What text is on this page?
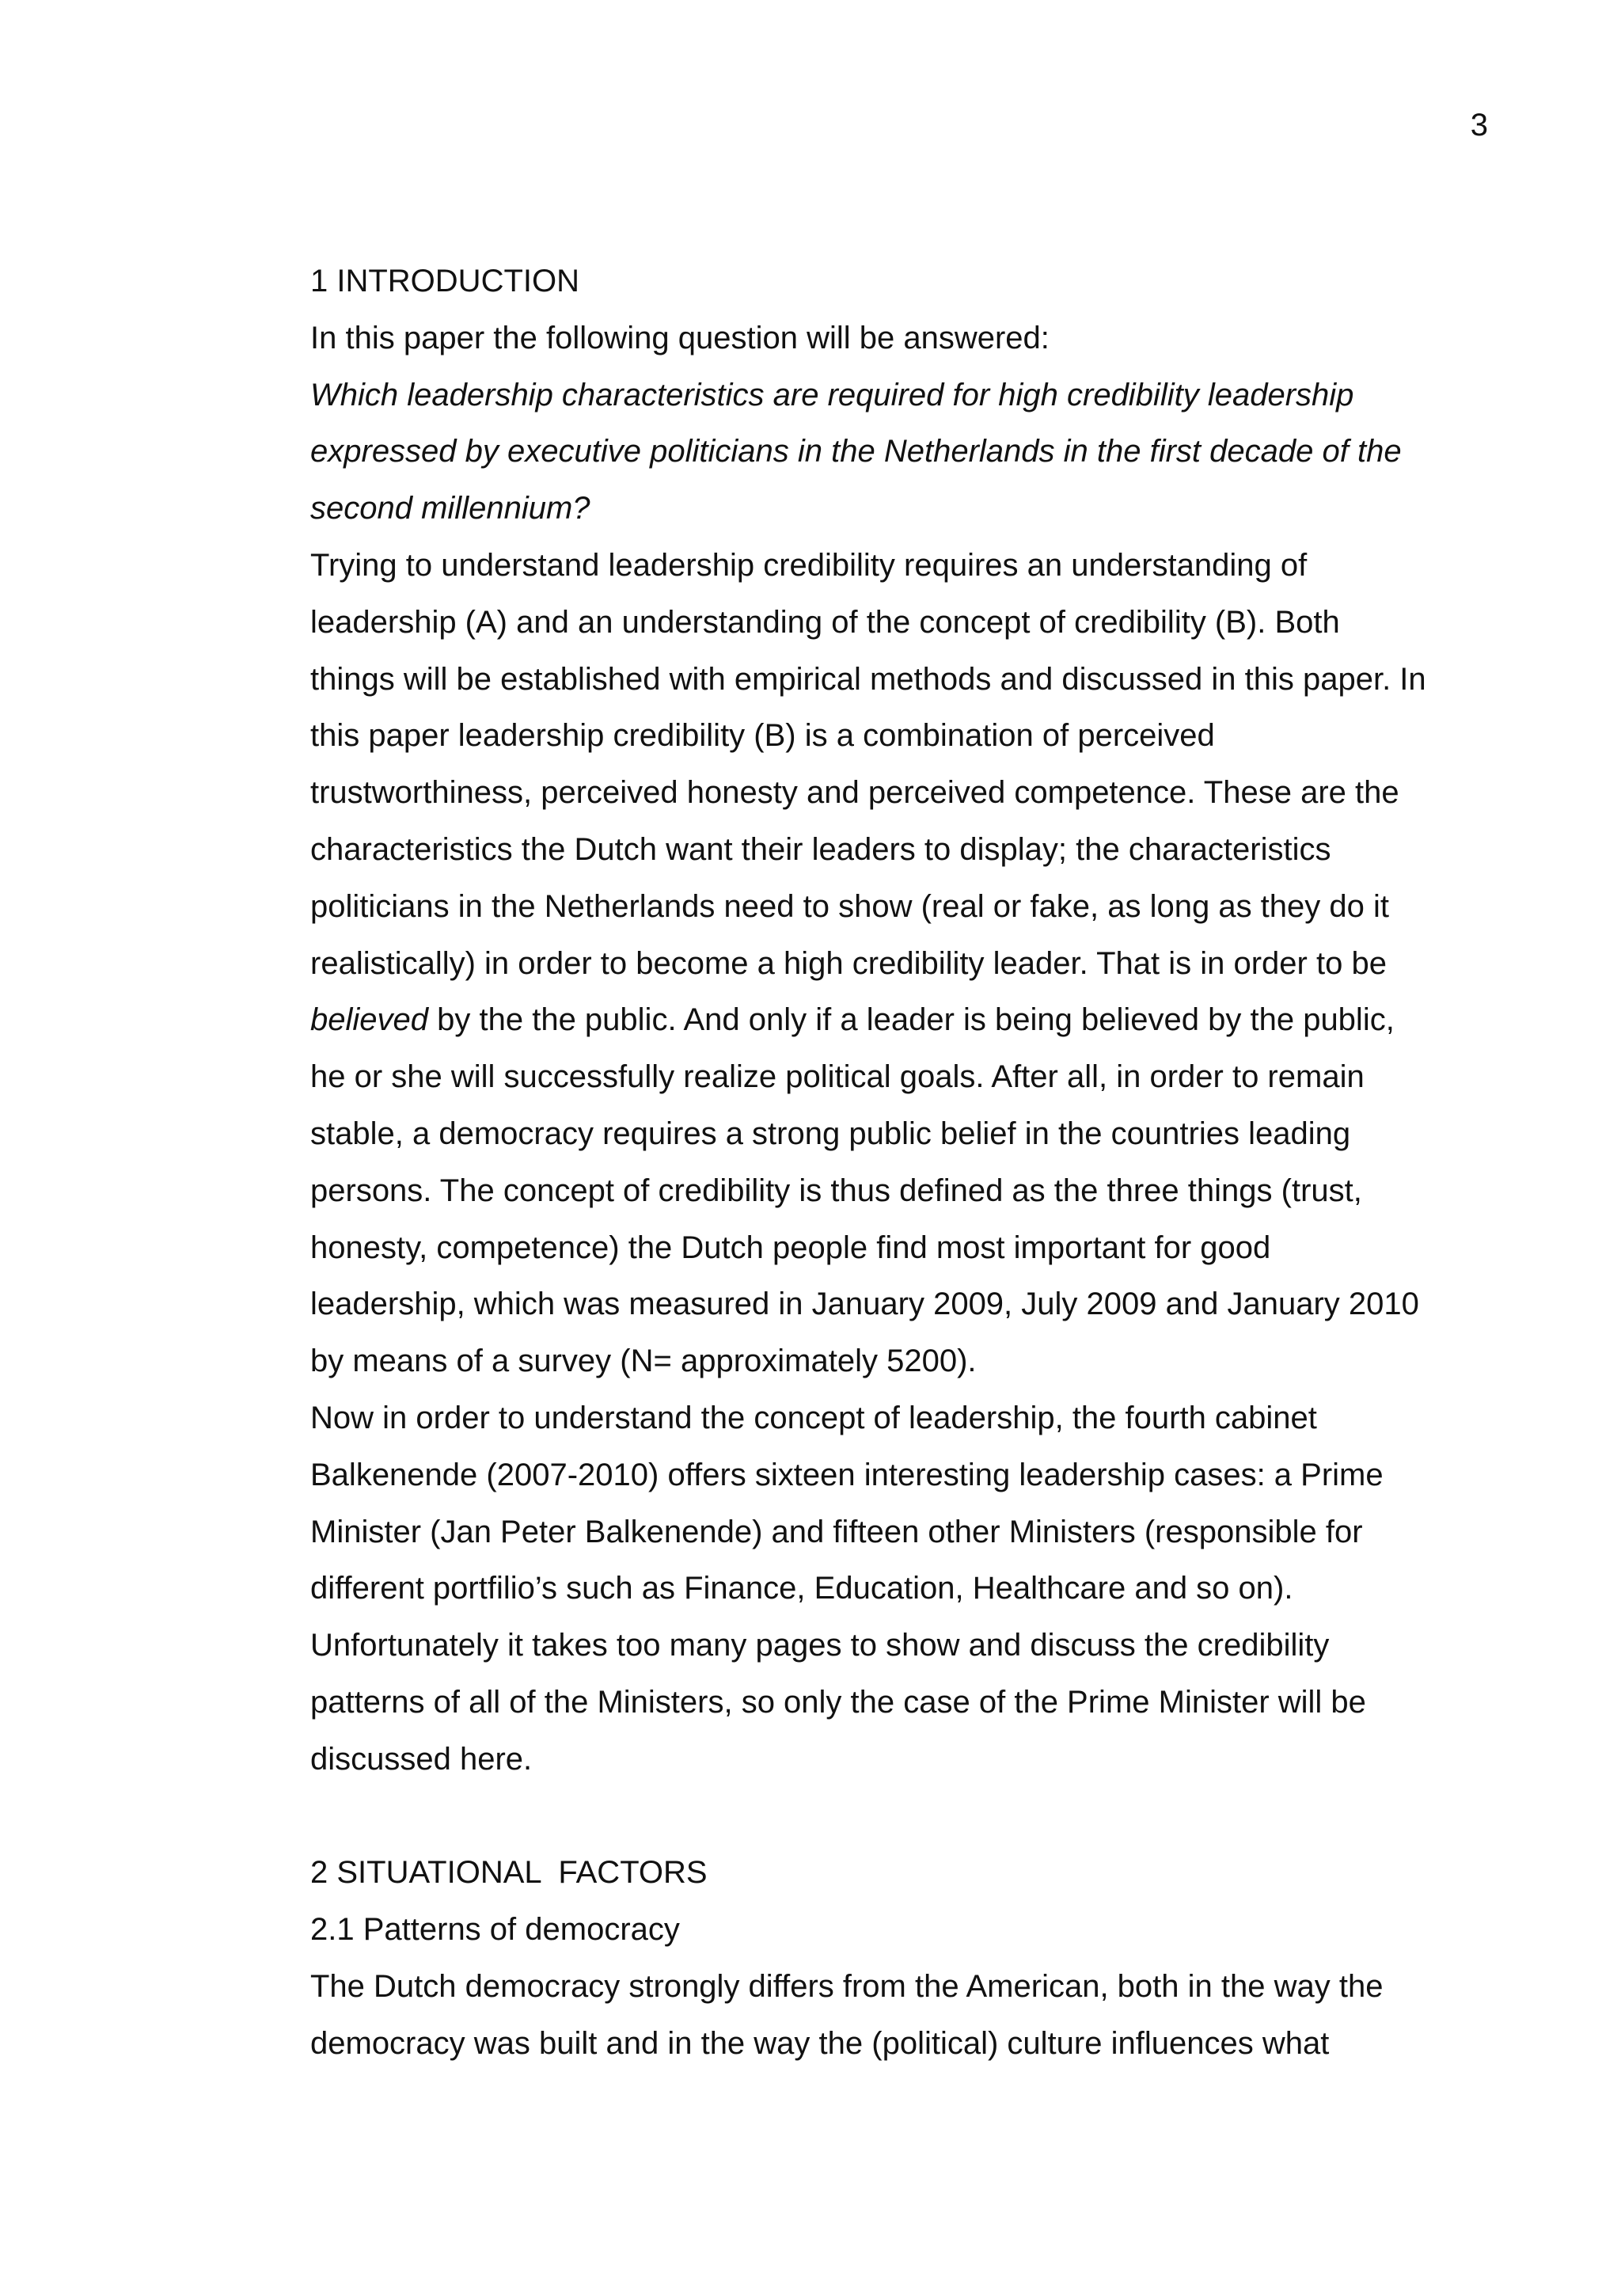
3

1 INTRODUCTION

In this paper the following question will be answered:

Which leadership characteristics are required for high credibility leadership
expressed by executive politicians in the Netherlands in the first decade of the
second millennium?

Trying to understand leadership credibility requires an understanding of
leadership (A) and an understanding of the concept of credibility (B). Both
things will be established with empirical methods and discussed in this paper. In
this paper leadership credibility (B) is a combination of perceived
trustworthiness, perceived honesty and perceived competence. These are the
characteristics the Dutch want their leaders to display; the characteristics
politicians in the Netherlands need to show (real or fake, as long as they do it
realistically) in order to become a high credibility leader. That is in order to be
believed by the the public. And only if a leader is being believed by the public,
he or she will successfully realize political goals. After all, in order to remain
stable, a democracy requires a strong public belief in the countries leading
persons. The concept of credibility is thus defined as the three things (trust,
honesty, competence) the Dutch people find most important for good
leadership, which was measured in January 2009, July 2009 and January 2010
by means of a survey (N= approximately 5200).

Now in order to understand the concept of leadership, the fourth cabinet
Balkenende (2007-2010) offers sixteen interesting leadership cases: a Prime
Minister (Jan Peter Balkenende) and fifteen other Ministers (responsible for
different portfilio’s such as Finance, Education, Healthcare and so on).
Unfortunately it takes too many pages to show and discuss the credibility
patterns of all of the Ministers, so only the case of the Prime Minister will be
discussed here.

2 SITUATIONAL  FACTORS

2.1 Patterns of democracy

The Dutch democracy strongly differs from the American, both in the way the
democracy was built and in the way the (political) culture influences what
